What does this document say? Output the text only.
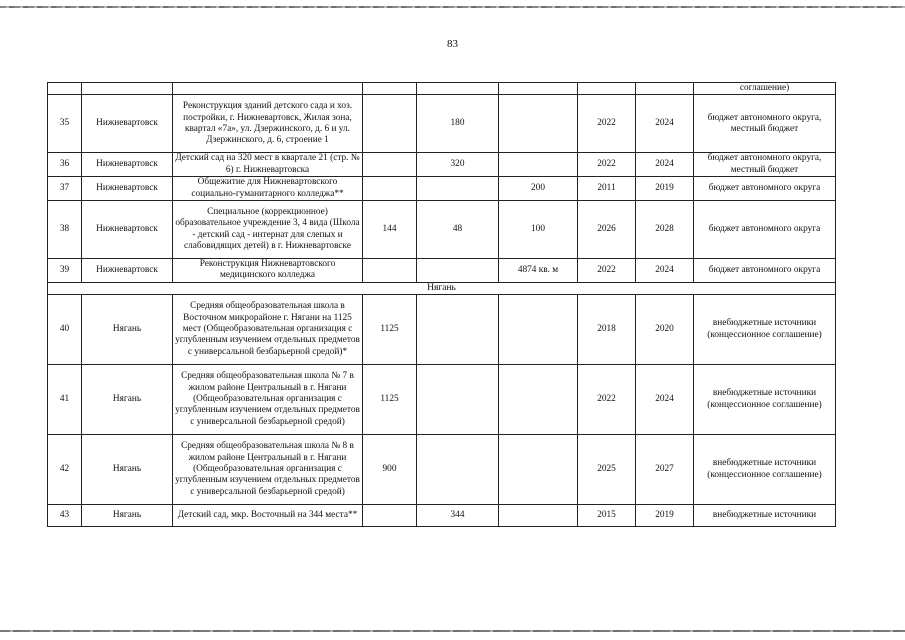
83
								соглашение)
35	Нижневартовск	Реконструкция зданий детского сада и хоз. постройки, г. Нижневартовск, Жилая зона, квартал «7а», ул. Дзержинского, д. 6 и ул. Дзержинского, д. 6, строение 1		180		2022	2024	бюджет автономного округа, местный бюджет
36	Нижневартовск	Детский сад на 320 мест в квартале 21 (стр. № 6) г. Нижневартовска		320		2022	2024	бюджет автономного округа, местный бюджет
37	Нижневартовск	Общежитие для Нижневартовского социально-гуманитарного колледжа**			200	2011	2019	бюджет автономного округа
38	Нижневартовск	Специальное (коррекционное) образовательное учреждение 3, 4 вида (Школа - детский сад - интернат для слепых и слабовидящих детей) в г. Нижневартовске	144	48	100	2026	2028	бюджет автономного округа
39	Нижневартовск	Реконструкция Нижневартовского медицинского колледжа			4874 кв. м	2022	2024	бюджет автономного округа
Нягань								
40	Нягань	Средняя общеобразовательная школа в Восточном микрорайоне г. Нягани на 1125 мест (Общеобразовательная организация с углубленным изучением отдельных предметов с универсальной безбарьерной средой)*	1125			2018	2020	внебюджетные источники (концессионное соглашение)
41	Нягань	Средняя общеобразовательная школа № 7 в жилом районе Центральный в г. Нягани (Общеобразовательная организация с углубленным изучением отдельных предметов с универсальной безбарьерной средой)	1125			2022	2024	внебюджетные источники (концессионное соглашение)
42	Нягань	Средняя общеобразовательная школа № 8 в жилом районе Центральный в г. Нягани (Общеобразовательная организация с углубленным изучением отдельных предметов с универсальной безбарьерной средой)	900			2025	2027	внебюджетные источники (концессионное соглашение)
43	Нягань	Детский сад, мкр. Восточный на 344 места**		344		2015	2019	внебюджетные источники
